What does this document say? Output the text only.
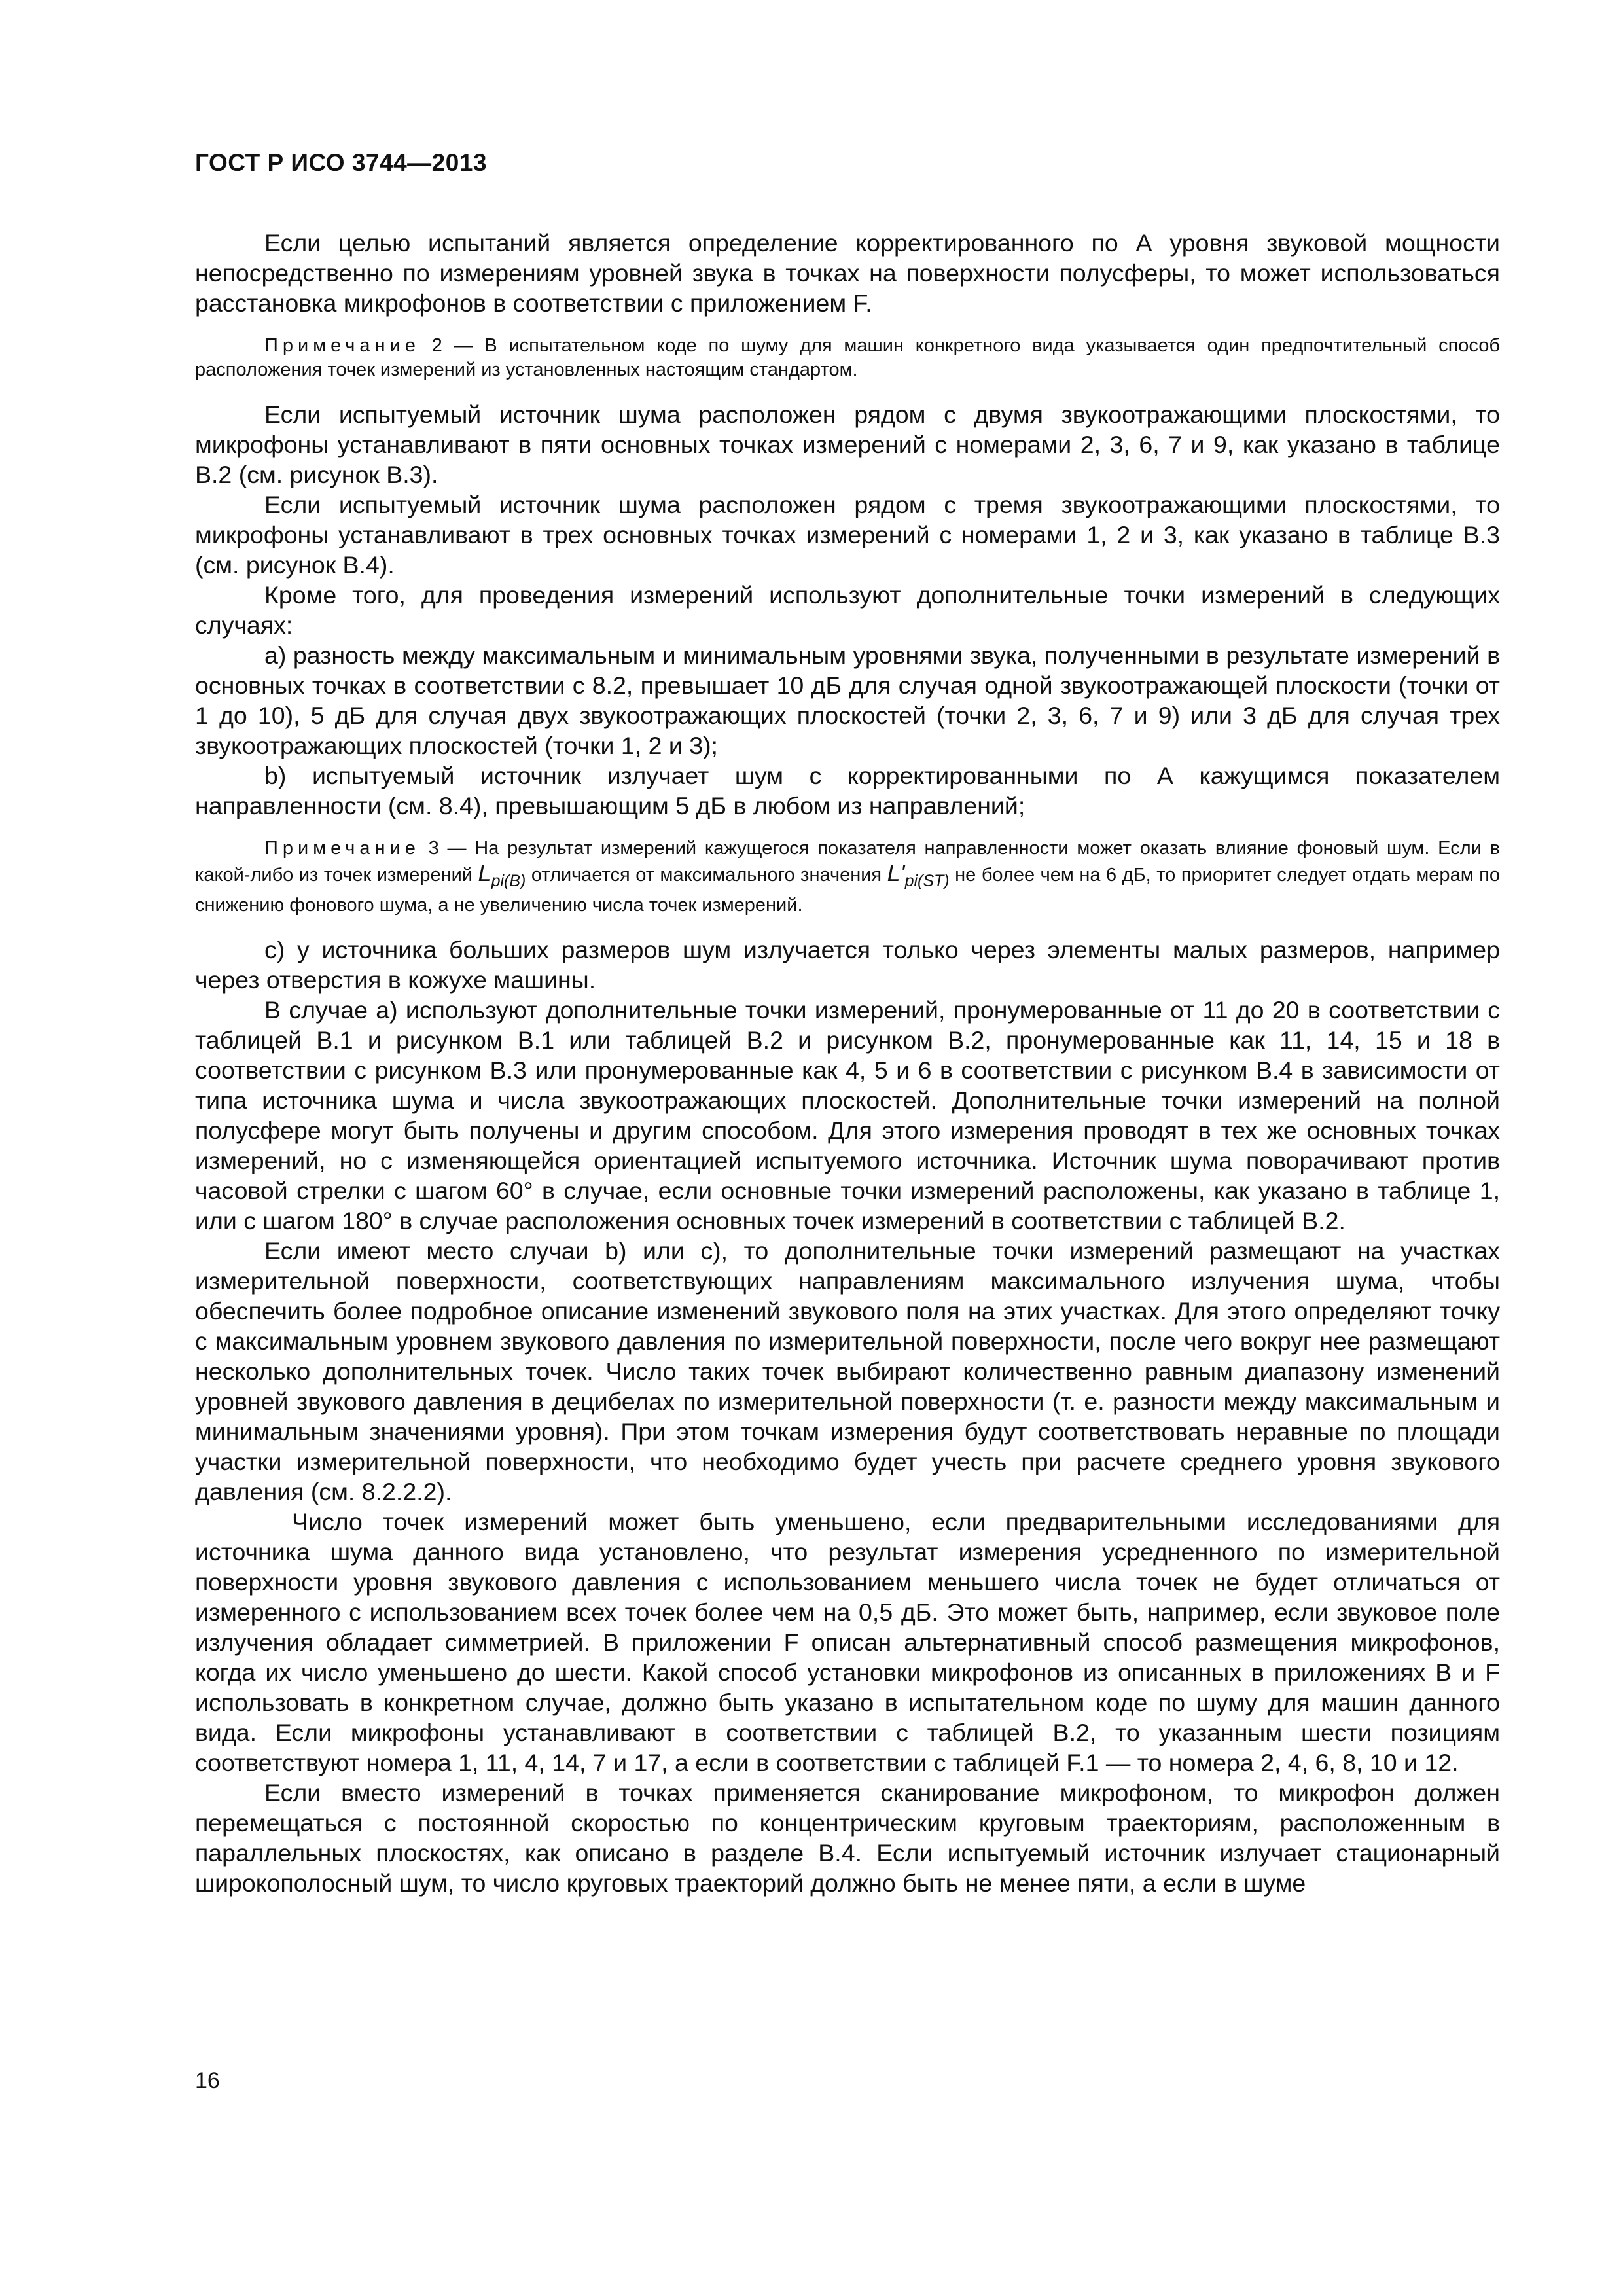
ГОСТ Р ИСО 3744—2013

Если целью испытаний является определение корректированного по А уровня звуковой мощности непосредственно по измерениям уровней звука в точках на поверхности полусферы, то может использоваться расстановка микрофонов в соответствии с приложением F.

Примечание 2 — В испытательном коде по шуму для машин конкретного вида указывается один предпочтительный способ расположения точек измерений из установленных настоящим стандартом.

Если испытуемый источник шума расположен рядом с двумя звукоотражающими плоскостями, то микрофоны устанавливают в пяти основных точках измерений с номерами 2, 3, 6, 7 и 9, как указано в таблице В.2 (см. рисунок В.3).

Если испытуемый источник шума расположен рядом с тремя звукоотражающими плоскостями, то микрофоны устанавливают в трех основных точках измерений с номерами 1, 2 и 3, как указано в таблице В.3 (см. рисунок В.4).

Кроме того, для проведения измерений используют дополнительные точки измерений в следующих случаях:

а) разность между максимальным и минимальным уровнями звука, полученными в результате измерений в основных точках в соответствии с 8.2, превышает 10 дБ для случая одной звукоотражающей плоскости (точки от 1 до 10), 5 дБ для случая двух звукоотражающих плоскостей (точки 2, 3, 6, 7 и 9) или 3 дБ для случая трех звукоотражающих плоскостей (точки 1, 2 и 3);

b) испытуемый источник излучает шум с корректированными по А кажущимся показателем направленности (см. 8.4), превышающим 5 дБ в любом из направлений;

Примечание 3 — На результат измерений кажущегося показателя направленности может оказать влияние фоновый шум. Если в какой-либо из точек измерений $L_{pi(B)}$ отличается от максимального значения $L'_{pi(ST)}$ не более чем на 6 дБ, то приоритет следует отдать мерам по снижению фонового шума, а не увеличению числа точек измерений.

с) у источника больших размеров шум излучается только через элементы малых размеров, например через отверстия в кожухе машины.

В случае а) используют дополнительные точки измерений, пронумерованные от 11 до 20 в соответствии с таблицей В.1 и рисунком В.1 или таблицей В.2 и рисунком В.2, пронумерованные как 11, 14, 15 и 18 в соответствии с рисунком В.3 или пронумерованные как 4, 5 и 6 в соответствии с рисунком В.4 в зависимости от типа источника шума и числа звукоотражающих плоскостей. Дополнительные точки измерений на полной полусфере могут быть получены и другим способом. Для этого измерения проводят в тех же основных точках измерений, но с изменяющейся ориентацией испытуемого источника. Источник шума поворачивают против часовой стрелки с шагом 60° в случае, если основные точки измерений расположены, как указано в таблице 1, или с шагом 180° в случае расположения основных точек измерений в соответствии с таблицей В.2.

Если имеют место случаи b) или с), то дополнительные точки измерений размещают на участках измерительной поверхности, соответствующих направлениям максимального излучения шума, чтобы обеспечить более подробное описание изменений звукового поля на этих участках. Для этого определяют точку с максимальным уровнем звукового давления по измерительной поверхности, после чего вокруг нее размещают несколько дополнительных точек. Число таких точек выбирают количественно равным диапазону изменений уровней звукового давления в децибелах по измерительной поверхности (т. е. разности между максимальным и минимальным значениями уровня). При этом точкам измерения будут соответствовать неравные по площади участки измерительной поверхности, что необходимо будет учесть при расчете среднего уровня звукового давления (см. 8.2.2.2).

Число точек измерений может быть уменьшено, если предварительными исследованиями для источника шума данного вида установлено, что результат измерения усредненного по измерительной поверхности уровня звукового давления с использованием меньшего числа точек не будет отличаться от измеренного с использованием всех точек более чем на 0,5 дБ. Это может быть, например, если звуковое поле излучения обладает симметрией. В приложении F описан альтернативный способ размещения микрофонов, когда их число уменьшено до шести. Какой способ установки микрофонов из описанных в приложениях В и F использовать в конкретном случае, должно быть указано в испытательном коде по шуму для машин данного вида. Если микрофоны устанавливают в соответствии с таблицей В.2, то указанным шести позициям соответствуют номера 1, 11, 4, 14, 7 и 17, а если в соответствии с таблицей F.1 — то номера 2, 4, 6, 8, 10 и 12.

Если вместо измерений в точках применяется сканирование микрофоном, то микрофон должен перемещаться с постоянной скоростью по концентрическим круговым траекториям, расположенным в параллельных плоскостях, как описано в разделе В.4. Если испытуемый источник излучает стационарный широкополосный шум, то число круговых траекторий должно быть не менее пяти, а если в шуме

16
